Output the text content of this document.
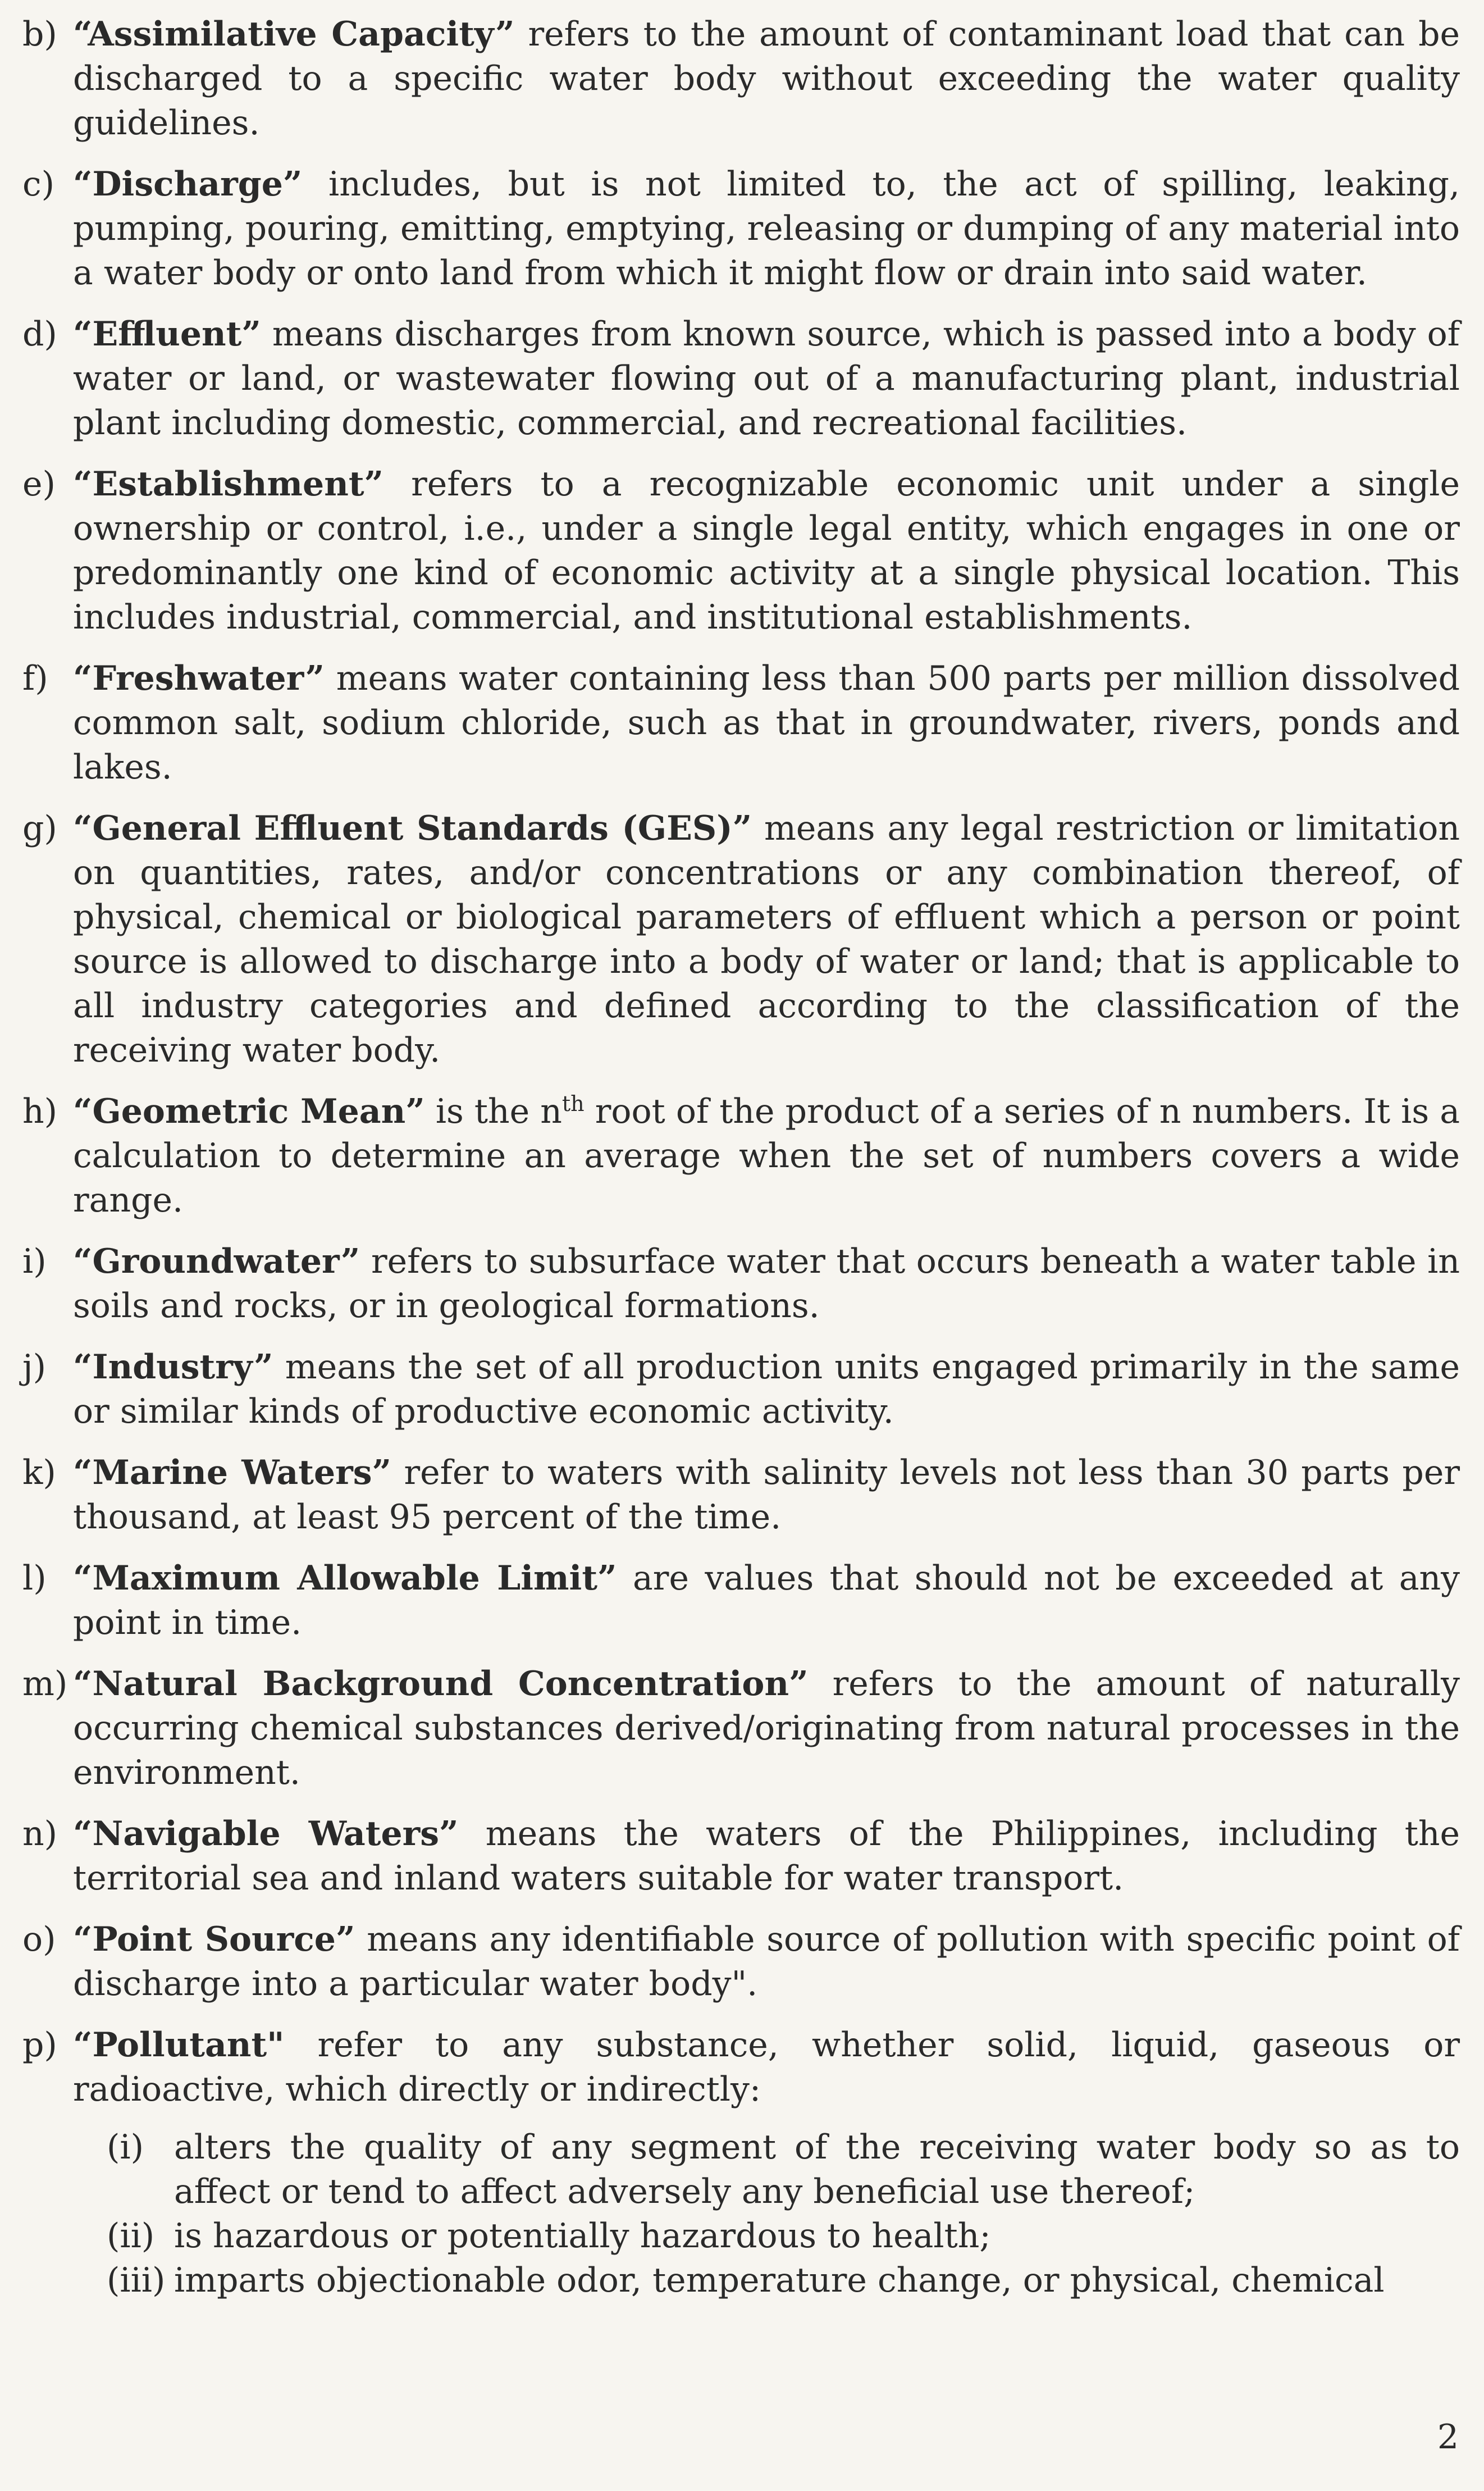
b) “Assimilative Capacity” refers to the amount of contaminant load that can be discharged to a specific water body without exceeding the water quality guidelines.
c) “Discharge” includes, but is not limited to, the act of spilling, leaking, pumping, pouring, emitting, emptying, releasing or dumping of any material into a water body or onto land from which it might flow or drain into said water.
d) “Effluent” means discharges from known source, which is passed into a body of water or land, or wastewater flowing out of a manufacturing plant, industrial plant including domestic, commercial, and recreational facilities.
e) “Establishment” refers to a recognizable economic unit under a single ownership or control, i.e., under a single legal entity, which engages in one or predominantly one kind of economic activity at a single physical location. This includes industrial, commercial, and institutional establishments.
f) “Freshwater” means water containing less than 500 parts per million dissolved common salt, sodium chloride, such as that in groundwater, rivers, ponds and lakes.
g) “General Effluent Standards (GES)” means any legal restriction or limitation on quantities, rates, and/or concentrations or any combination thereof, of physical, chemical or biological parameters of effluent which a person or point source is allowed to discharge into a body of water or land; that is applicable to all industry categories and defined according to the classification of the receiving water body.
h) “Geometric Mean” is the $n^{th}$ root of the product of a series of n numbers. It is a calculation to determine an average when the set of numbers covers a wide range.
i) “Groundwater” refers to subsurface water that occurs beneath a water table in soils and rocks, or in geological formations.
j) “Industry” means the set of all production units engaged primarily in the same or similar kinds of productive economic activity.
k) “Marine Waters” refer to waters with salinity levels not less than 30 parts per thousand, at least 95 percent of the time.
l) “Maximum Allowable Limit” are values that should not be exceeded at any point in time.
m) “Natural Background Concentration” refers to the amount of naturally occurring chemical substances derived/originating from natural processes in the environment.
n) “Navigable Waters” means the waters of the Philippines, including the territorial sea and inland waters suitable for water transport.
o) “Point Source” means any identifiable source of pollution with specific point of discharge into a particular water body".
p) “Pollutant" refer to any substance, whether solid, liquid, gaseous or radioactive, which directly or indirectly:
(i) alters the quality of any segment of the receiving water body so as to affect or tend to affect adversely any beneficial use thereof;
(ii) is hazardous or potentially hazardous to health;
(iii) imparts objectionable odor, temperature change, or physical, chemical
2
